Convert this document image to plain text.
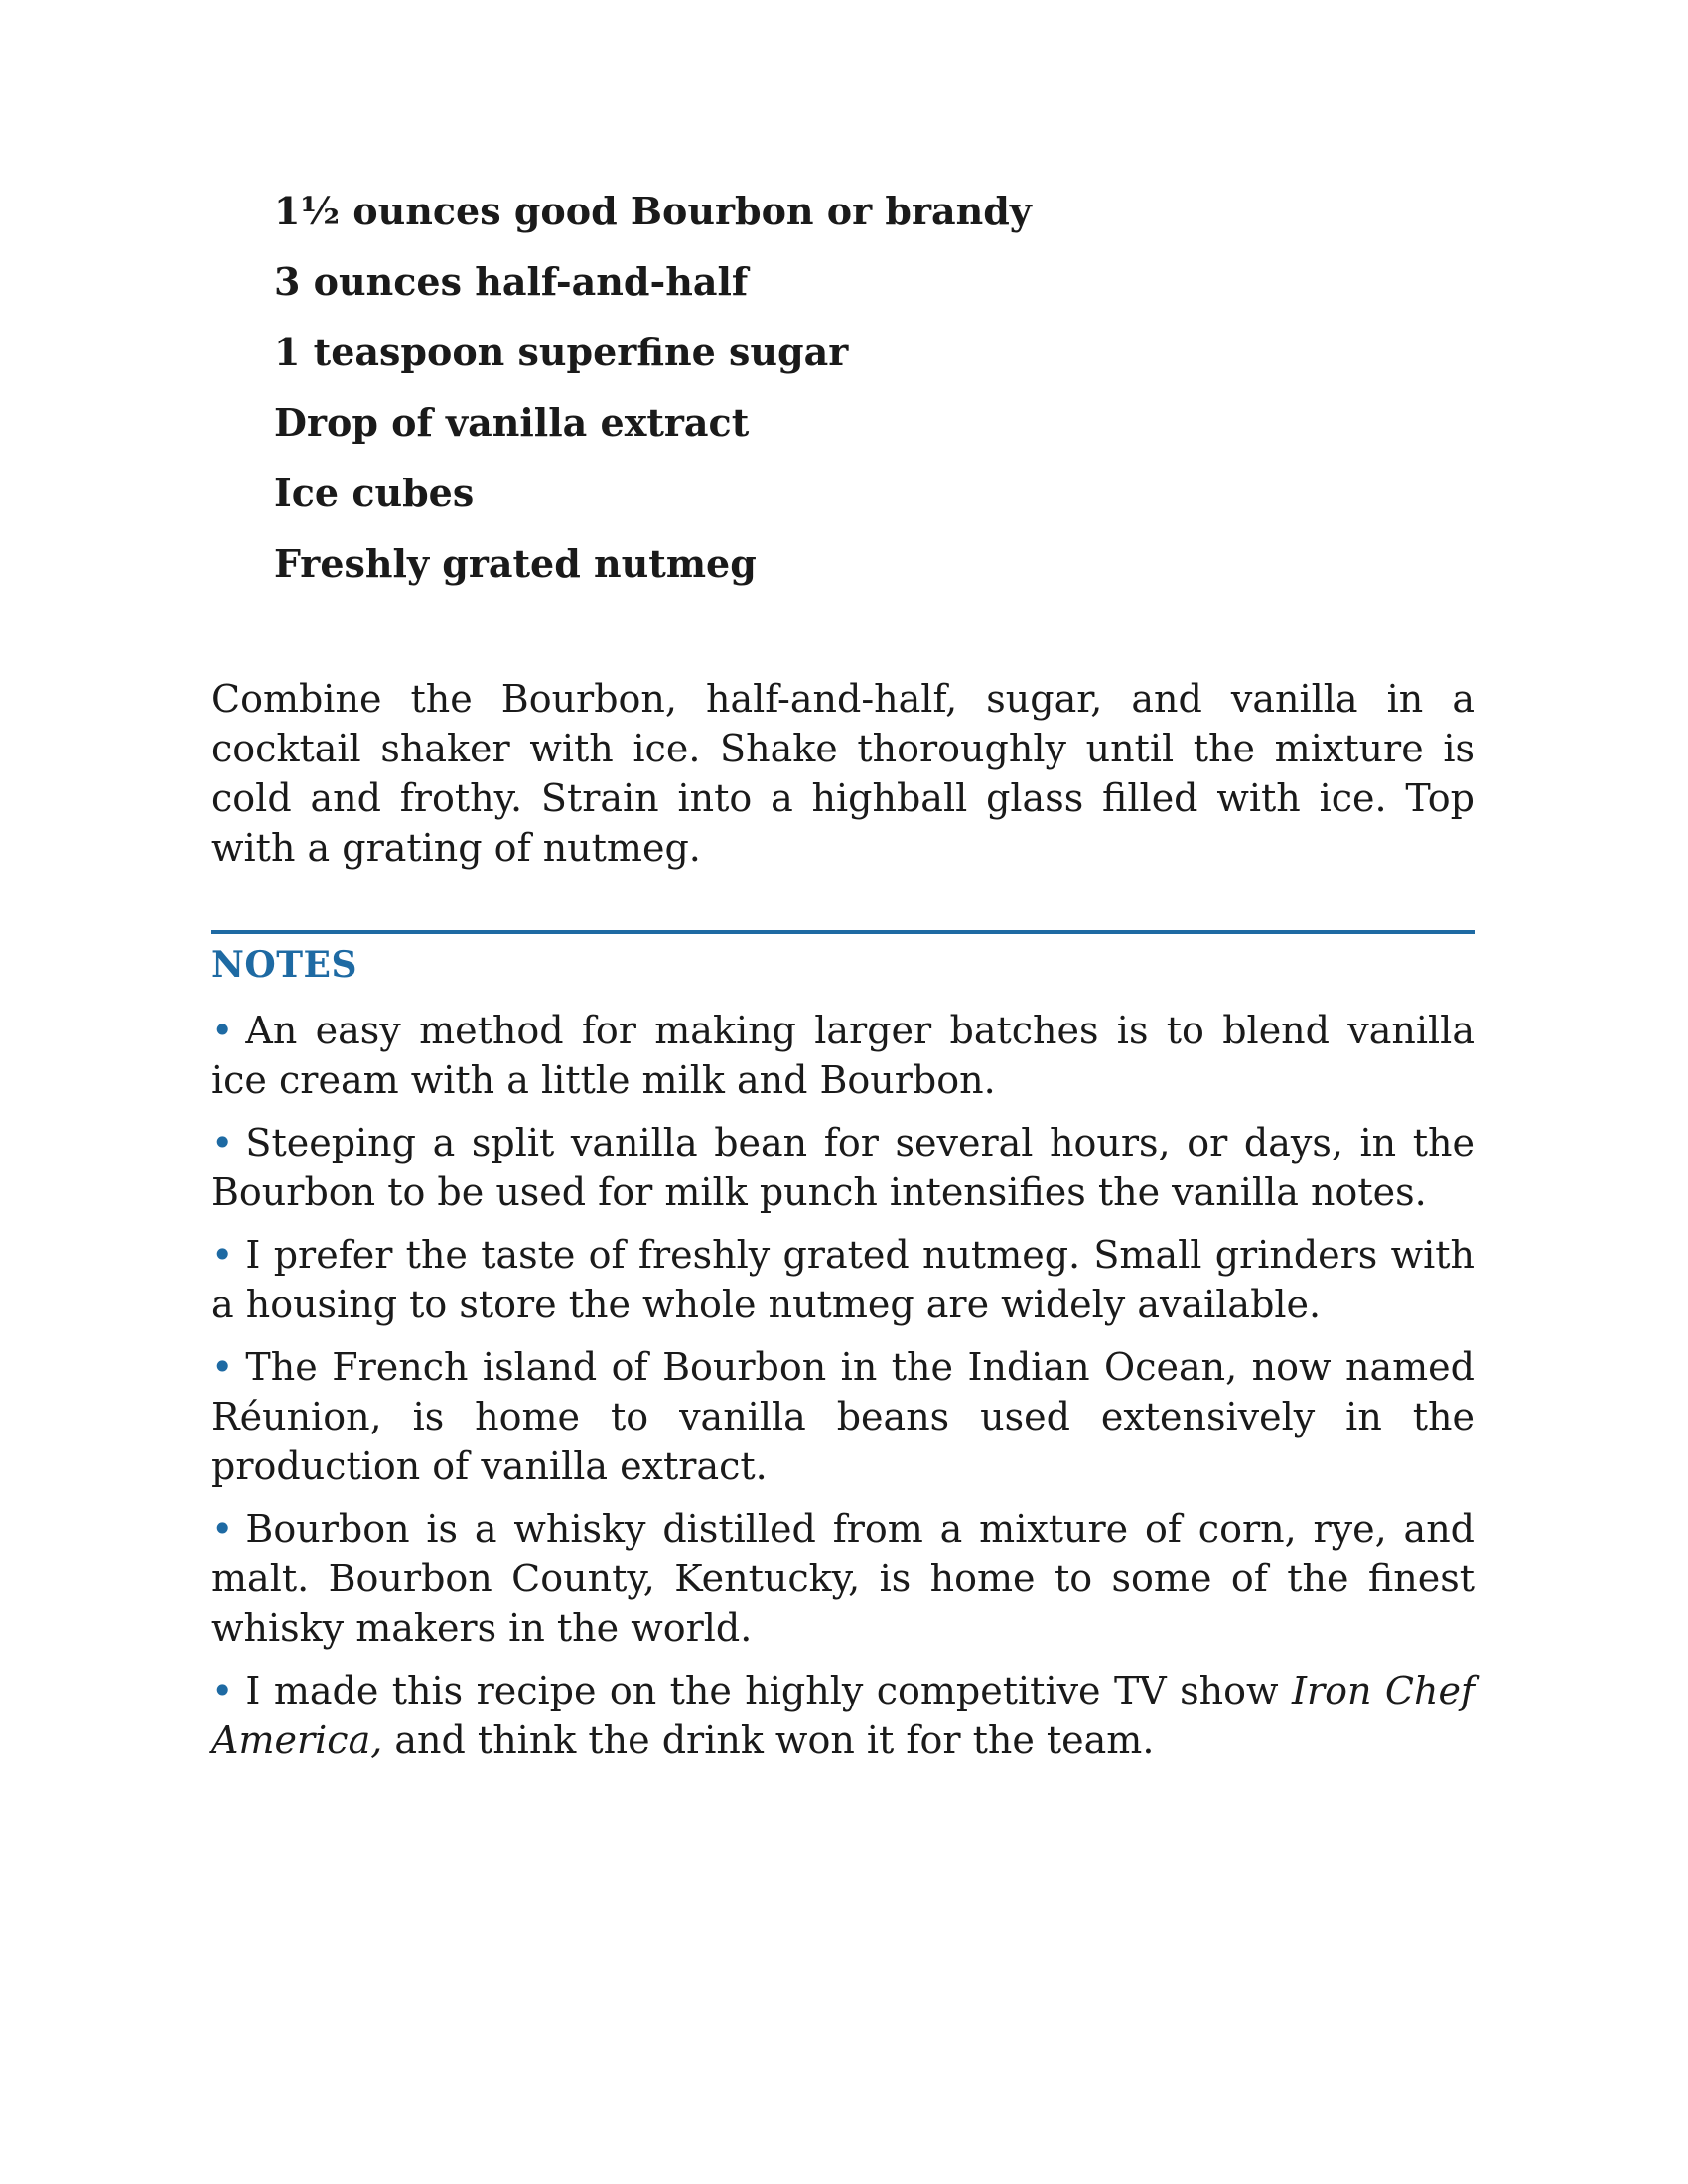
1½ ounces good Bourbon or brandy
3 ounces half-and-half
1 teaspoon superfine sugar
Drop of vanilla extract
Ice cubes
Freshly grated nutmeg

Combine the Bourbon, half-and-half, sugar, and vanilla in a cocktail shaker with ice. Shake thoroughly until the mixture is cold and frothy. Strain into a highball glass filled with ice. Top with a grating of nutmeg.

NOTES
• An easy method for making larger batches is to blend vanilla ice cream with a little milk and Bourbon.
• Steeping a split vanilla bean for several hours, or days, in the Bourbon to be used for milk punch intensifies the vanilla notes.
• I prefer the taste of freshly grated nutmeg. Small grinders with a housing to store the whole nutmeg are widely available.
• The French island of Bourbon in the Indian Ocean, now named Réunion, is home to vanilla beans used extensively in the production of vanilla extract.
• Bourbon is a whisky distilled from a mixture of corn, rye, and malt. Bourbon County, Kentucky, is home to some of the finest whisky makers in the world.
• I made this recipe on the highly competitive TV show Iron Chef America, and think the drink won it for the team.
